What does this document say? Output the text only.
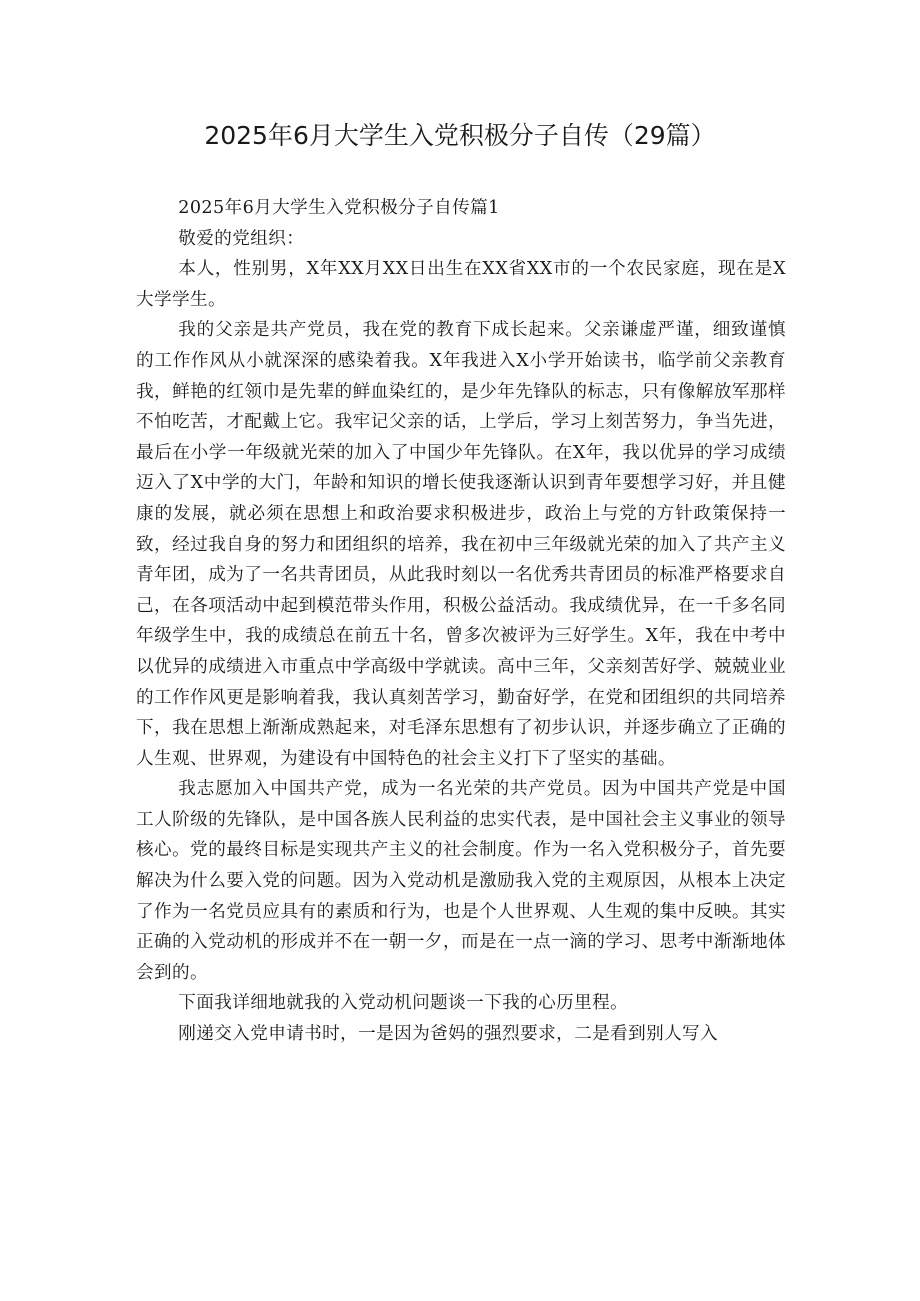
2025年6月大学生入党积极分子自传（29篇）

2025年6月大学生入党积极分子自传篇1

敬爱的党组织：

本人，性别男，X年XX月XX日出生在XX省XX市的一个农民家庭，现在是X大学学生。

我的父亲是共产党员，我在党的教育下成长起来。父亲谦虚严谨，细致谨慎的工作作风从小就深深的感染着我。X年我进入X小学开始读书，临学前父亲教育我，鲜艳的红领巾是先辈的鲜血染红的，是少年先锋队的标志，只有像解放军那样不怕吃苦，才配戴上它。我牢记父亲的话，上学后，学习上刻苦努力，争当先进，最后在小学一年级就光荣的加入了中国少年先锋队。在X年，我以优异的学习成绩迈入了X中学的大门，年龄和知识的增长使我逐渐认识到青年要想学习好，并且健康的发展，就必须在思想上和政治要求积极进步，政治上与党的方针政策保持一致，经过我自身的努力和团组织的培养，我在初中三年级就光荣的加入了共产主义青年团，成为了一名共青团员，从此我时刻以一名优秀共青团员的标准严格要求自己，在各项活动中起到模范带头作用，积极公益活动。我成绩优异，在一千多名同年级学生中，我的成绩总在前五十名，曾多次被评为三好学生。X年，我在中考中以优异的成绩进入市重点中学高级中学就读。高中三年，父亲刻苦好学、兢兢业业的工作作风更是影响着我，我认真刻苦学习，勤奋好学，在党和团组织的共同培养下，我在思想上渐渐成熟起来，对毛泽东思想有了初步认识，并逐步确立了正确的人生观、世界观，为建设有中国特色的社会主义打下了坚实的基础。

我志愿加入中国共产党，成为一名光荣的共产党员。因为中国共产党是中国工人阶级的先锋队，是中国各族人民利益的忠实代表，是中国社会主义事业的领导核心。党的最终目标是实现共产主义的社会制度。作为一名入党积极分子，首先要解决为什么要入党的问题。因为入党动机是激励我入党的主观原因，从根本上决定了作为一名党员应具有的素质和行为，也是个人世界观、人生观的集中反映。其实正确的入党动机的形成并不在一朝一夕，而是在一点一滴的学习、思考中渐渐地体会到的。

下面我详细地就我的入党动机问题谈一下我的心历里程。

刚递交入党申请书时，一是因为爸妈的强烈要求，二是看到别人写入
